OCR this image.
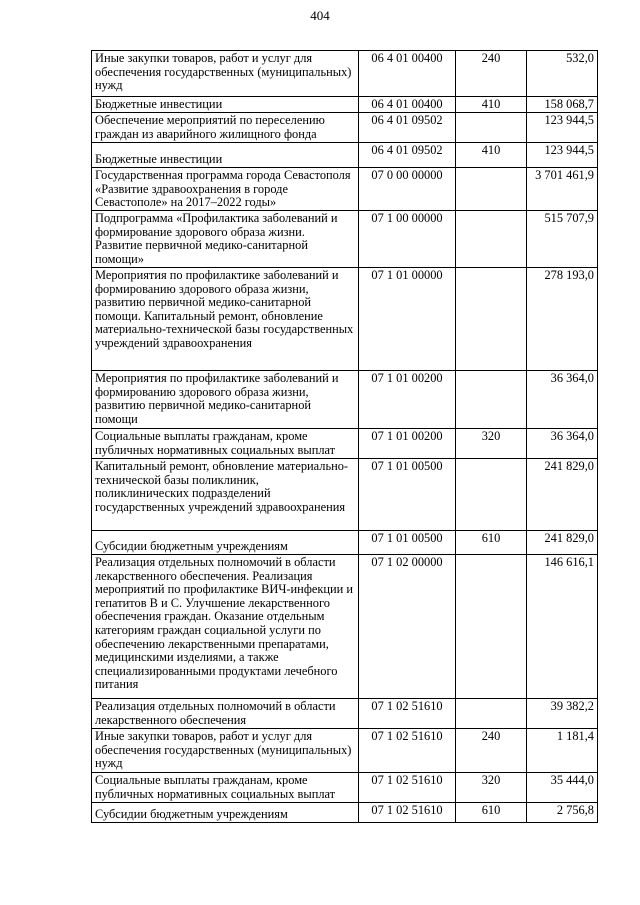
404
Иные закупки товаров, работ и услуг для обеспечения государственных (муниципальных) нужд	06 4 01 00400	240	532,0
Бюджетные инвестиции	06 4 01 00400	410	158 068,7
Обеспечение мероприятий по переселению граждан из аварийного жилищного фонда	06 4 01 09502		123 944,5
Бюджетные инвестиции	06 4 01 09502	410	123 944,5
Государственная программа города Севастополя «Развитие здравоохранения в городе Севастополе» на 2017–2022 годы»	07 0 00 00000		3 701 461,9
Подпрограмма «Профилактика заболеваний и формирование здорового образа жизни. Развитие первичной медико-санитарной помощи»	07 1 00 00000		515 707,9
Мероприятия по профилактике заболеваний и формированию здорового образа жизни, развитию первичной медико-санитарной помощи. Капитальный ремонт, обновление материально-технической базы государственных учреждений здравоохранения	07 1 01 00000		278 193,0
Мероприятия по профилактике заболеваний и формированию здорового образа жизни, развитию первичной медико-санитарной помощи	07 1 01 00200		36 364,0
Социальные выплаты гражданам, кроме публичных нормативных социальных выплат	07 1 01 00200	320	36 364,0
Капитальный ремонт, обновление материально-технической базы поликлиник, поликлинических подразделений государственных учреждений здравоохранения	07 1 01 00500		241 829,0
Субсидии бюджетным учреждениям	07 1 01 00500	610	241 829,0
Реализация отдельных полномочий в области лекарственного обеспечения. Реализация мероприятий по профилактике ВИЧ-инфекции и гепатитов В и С. Улучшение лекарственного обеспечения граждан. Оказание отдельным категориям граждан социальной услуги по обеспечению лекарственными препаратами, медицинскими изделиями, а также специализированными продуктами лечебного питания	07 1 02 00000		146 616,1
Реализация отдельных полномочий в области лекарственного обеспечения	07 1 02 51610		39 382,2
Иные закупки товаров, работ и услуг для обеспечения государственных (муниципальных) нужд	07 1 02 51610	240	1 181,4
Социальные выплаты гражданам, кроме публичных нормативных социальных выплат	07 1 02 51610	320	35 444,0
Субсидии бюджетным учреждениям	07 1 02 51610	610	2 756,8
